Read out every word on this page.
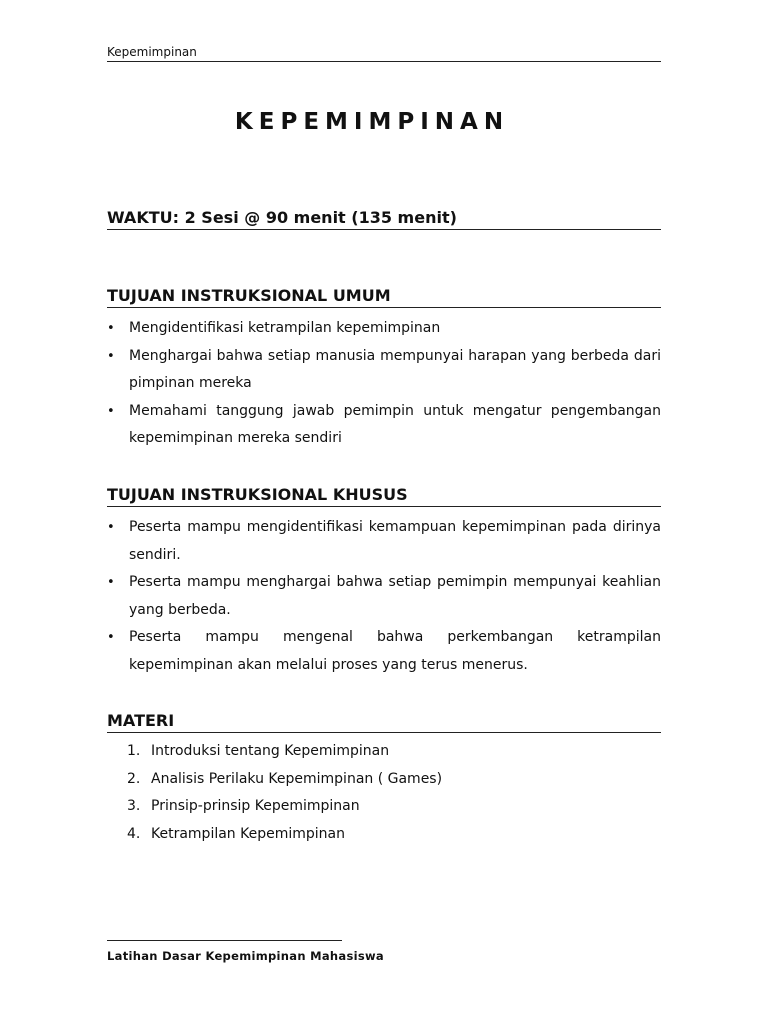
Kepemimpinan
KEPEMIMPINAN
WAKTU: 2 Sesi @ 90 menit (135 menit)
TUJUAN INSTRUKSIONAL UMUM
• Mengidentifikasi ketrampilan kepemimpinan
• Menghargai bahwa setiap manusia mempunyai harapan yang berbeda dari pimpinan mereka
• Memahami tanggung jawab pemimpin untuk mengatur pengembangan kepemimpinan mereka sendiri
TUJUAN INSTRUKSIONAL KHUSUS
• Peserta mampu mengidentifikasi kemampuan kepemimpinan pada dirinya sendiri.
• Peserta mampu menghargai bahwa setiap pemimpin mempunyai keahlian yang berbeda.
• Peserta mampu mengenal bahwa perkembangan ketrampilan kepemimpinan akan melalui proses yang terus menerus.
MATERI
1. Introduksi tentang Kepemimpinan
2. Analisis Perilaku Kepemimpinan ( Games)
3. Prinsip-prinsip Kepemimpinan
4. Ketrampilan Kepemimpinan
Latihan Dasar Kepemimpinan Mahasiswa
